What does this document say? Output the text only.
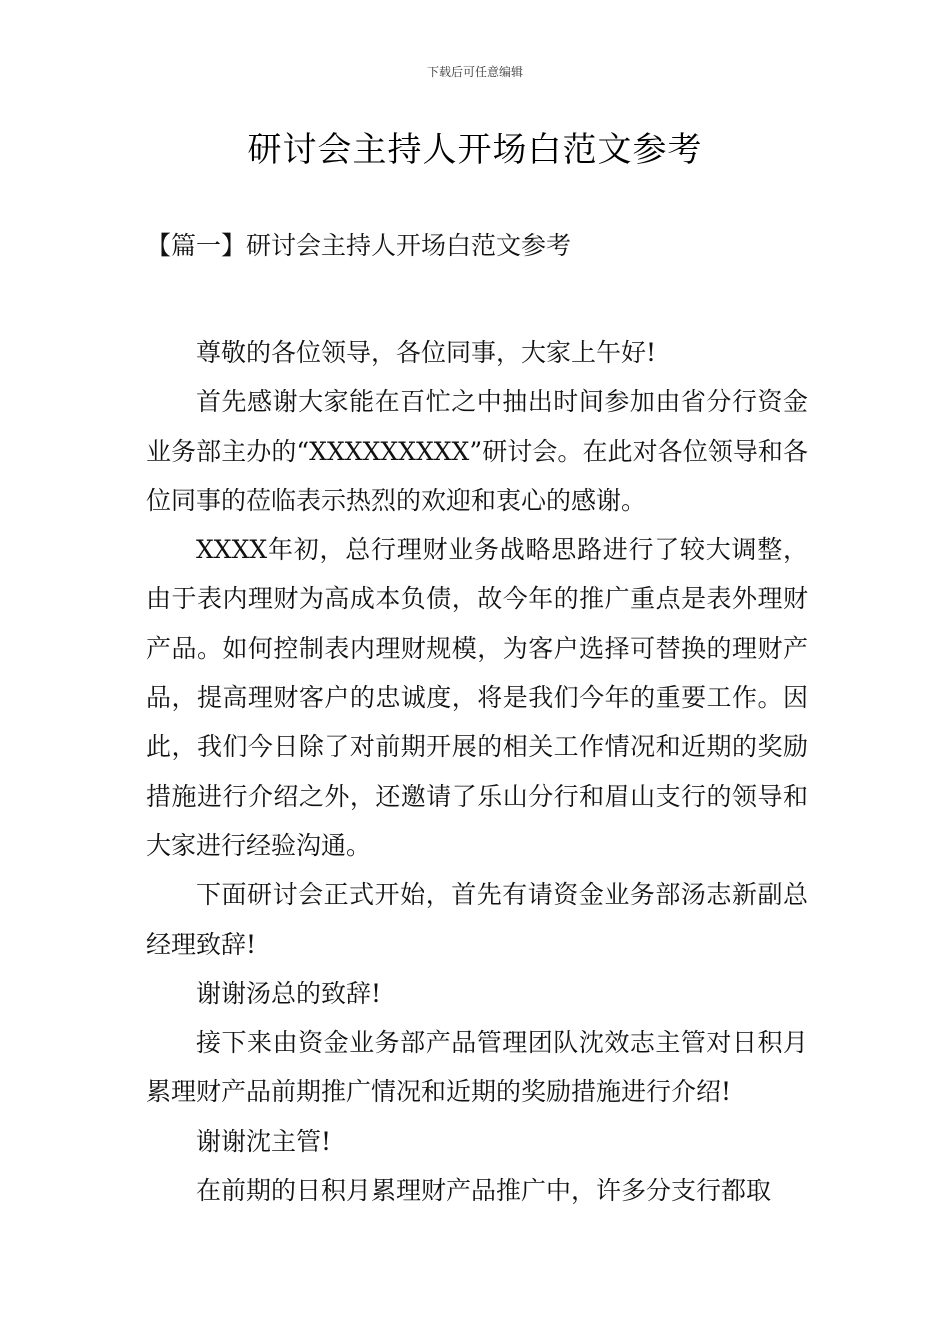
下载后可任意编辑
研讨会主持人开场白范文参考
【篇一】研讨会主持人开场白范文参考

尊敬的各位领导，各位同事，大家上午好!

首先感谢大家能在百忙之中抽出时间参加由省分行资金业务部主办的“XXXXXXXXX”研讨会。在此对各位领导和各位同事的莅临表示热烈的欢迎和衷心的感谢。

XXXX年初，总行理财业务战略思路进行了较大调整，由于表内理财为高成本负债，故今年的推广重点是表外理财产品。如何控制表内理财规模，为客户选择可替换的理财产品，提高理财客户的忠诚度，将是我们今年的重要工作。因此，我们今日除了对前期开展的相关工作情况和近期的奖励措施进行介绍之外，还邀请了乐山分行和眉山支行的领导和大家进行经验沟通。

下面研讨会正式开始，首先有请资金业务部汤志新副总经理致辞!

谢谢汤总的致辞!

接下来由资金业务部产品管理团队沈效志主管对日积月累理财产品前期推广情况和近期的奖励措施进行介绍!

谢谢沈主管!

在前期的日积月累理财产品推广中，许多分支行都取
